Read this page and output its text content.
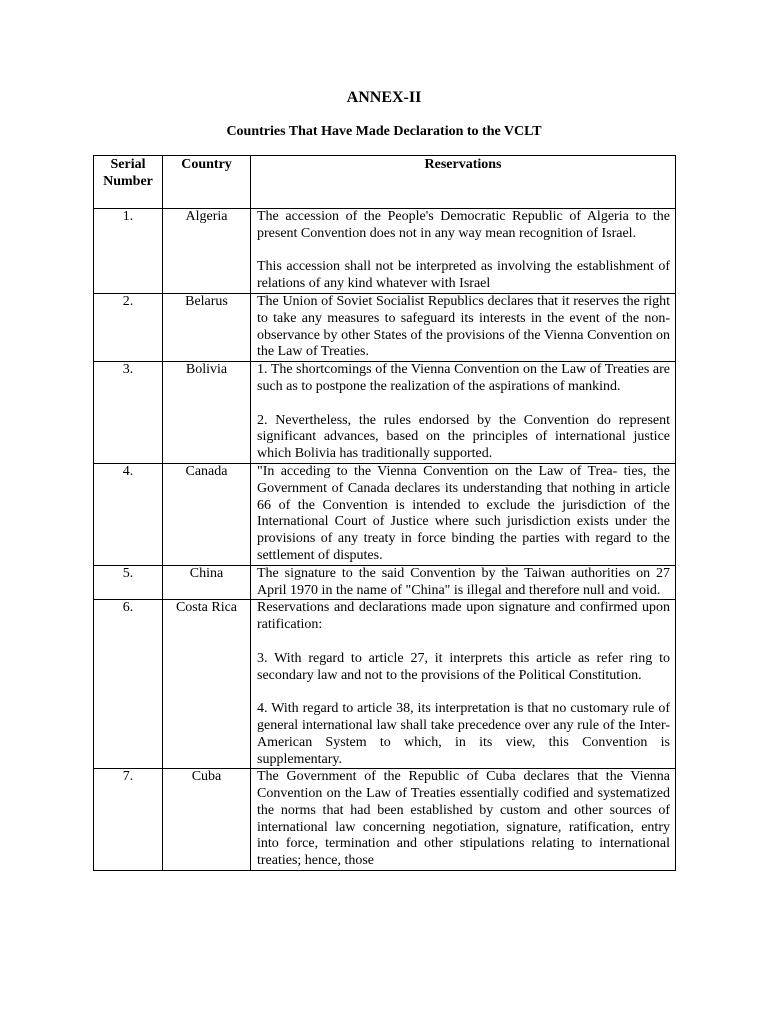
ANNEX-II
Countries That Have Made Declaration to the VCLT
Serial Number	Country	Reservations
1.	Algeria	The accession of the People's Democratic Republic of Algeria to the present Convention does not in any way mean recognition of Israel.

This accession shall not be interpreted as involving the establishment of relations of any kind whatever with Israel

2.	Belarus	The Union of Soviet Socialist Republics declares that it reserves the right to take any measures to safeguard its interests in the event of the non-observance by other States of the provisions of the Vienna Convention on the Law of Treaties.

3.	Bolivia	1. The shortcomings of the Vienna Convention on the Law of Treaties are such as to postpone the realization of the aspirations of mankind.

2. Nevertheless, the rules endorsed by the Convention do represent significant advances, based on the principles of international justice which Bolivia has traditionally supported.

4.	Canada	"In acceding to the Vienna Convention on the Law of Trea- ties, the Government of Canada declares its understanding that nothing in article 66 of the Convention is intended to exclude the jurisdiction of the International Court of Justice where such jurisdiction exists under the provisions of any treaty in force binding the parties with regard to the settlement of disputes.

5.	China	The signature to the said Convention by the Taiwan authorities on 27 April 1970 in the name of "China" is illegal and therefore null and void.

6.	Costa Rica	Reservations and declarations made upon signature and confirmed upon ratification:

3. With regard to article 27, it interprets this article as refer ring to secondary law and not to the provisions of the Political Constitution.

4. With regard to article 38, its interpretation is that no customary rule of general international law shall take precedence over any rule of the Inter-American System to which, in its view, this Convention is supplementary.

7.	Cuba	The Government of the Republic of Cuba declares that the Vienna Convention on the Law of Treaties essentially codified and systematized the norms that had been established by custom and other sources of international law concerning negotiation, signature, ratification, entry into force, termination and other stipulations relating to international treaties; hence, those
